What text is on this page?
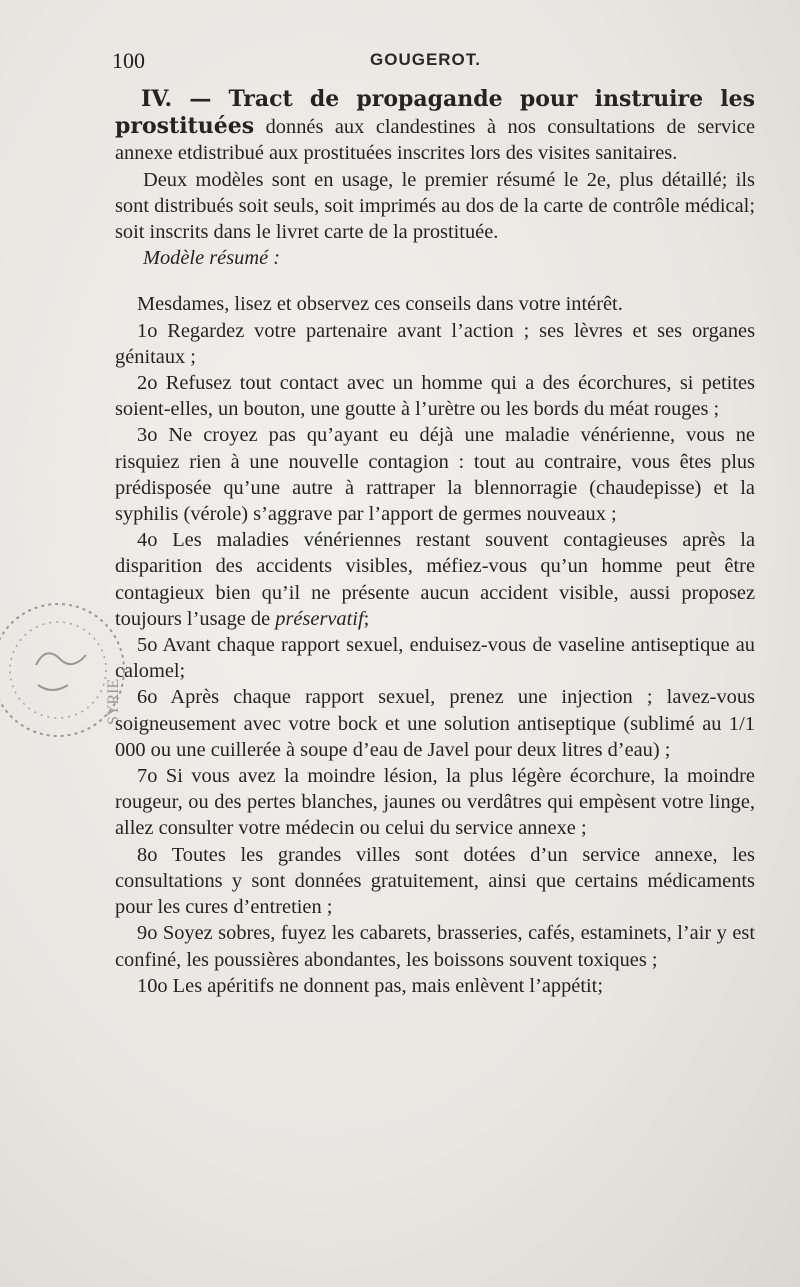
100	GOUGEROT.
SYRIE

IV. — Tract de propagande pour instruire les prostituées donnés aux clandestines à nos consultations de service annexe etdistribué aux prostituées inscrites lors des visites sanitaires.

Deux modèles sont en usage, le premier résumé le 2e, plus détaillé; ils sont distribués soit seuls, soit imprimés au dos de la carte de contrôle médical; soit inscrits dans le livret carte de la prostituée.

Modèle résumé :

Mesdames, lisez et observez ces conseils dans votre intérêt.

1o Regardez votre partenaire avant l’action ; ses lèvres et ses organes génitaux ;

2o Refusez tout contact avec un homme qui a des écorchures, si petites soient-elles, un bouton, une goutte à l’urètre ou les bords du méat rouges ;

3o Ne croyez pas qu’ayant eu déjà une maladie vénérienne, vous ne risquiez rien à une nouvelle contagion : tout au contraire, vous êtes plus prédisposée qu’une autre à rattraper la blennorragie (chaudepisse) et la syphilis (vérole) s’aggrave par l’apport de germes nouveaux ;

4o Les maladies vénériennes restant souvent contagieuses après la disparition des accidents visibles, méfiez-vous qu’un homme peut être contagieux bien qu’il ne présente aucun accident visible, aussi proposez toujours l’usage de préservatif;

5o Avant chaque rapport sexuel, enduisez-vous de vaseline antiseptique au calomel;

6o Après chaque rapport sexuel, prenez une injection ; lavez-vous soigneusement avec votre bock et une solution antiseptique (sublimé au 1/1 000 ou une cuillerée à soupe d’eau de Javel pour deux litres d’eau) ;

7o Si vous avez la moindre lésion, la plus légère écorchure, la moindre rougeur, ou des pertes blanches, jaunes ou verdâtres qui empèsent votre linge, allez consulter votre médecin ou celui du service annexe ;

8o Toutes les grandes villes sont dotées d’un service annexe, les consultations y sont données gratuitement, ainsi que certains médicaments pour les cures d’entretien ;

9o Soyez sobres, fuyez les cabarets, brasseries, cafés, estaminets, l’air y est confiné, les poussières abondantes, les boissons souvent toxiques ;

10o Les apéritifs ne donnent pas, mais enlèvent l’appétit;
